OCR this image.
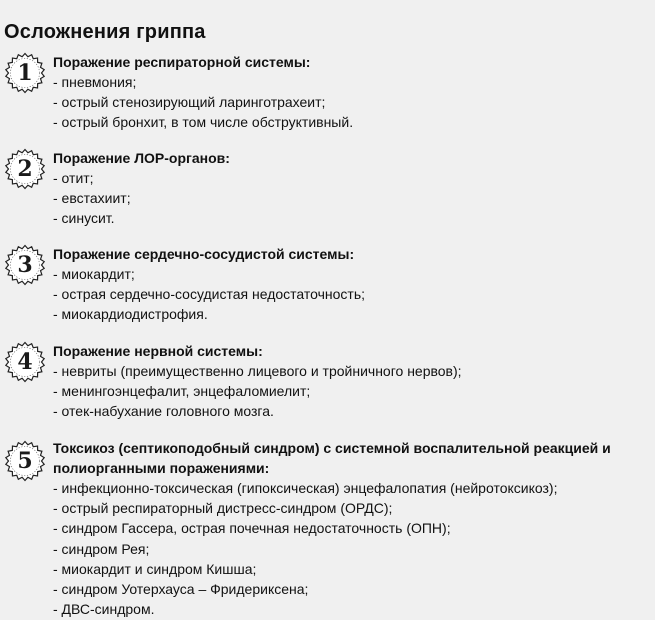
Осложнения гриппа
1	Поражение респираторной системы:

- пневмония;

- острый стенозирующий ларинготрахеит;

- острый бронхит, в том числе обструктивный.

2	Поражение ЛОР-органов:

- отит;

- евстахиит;

- синусит.

3	Поражение сердечно-сосудистой системы:

- миокардит;

- острая сердечно-сосудистая недостаточность;

- миокардиодистрофия.

4	Поражение нервной системы:

- невриты (преимущественно лицевого и тройничного нервов);

- менингоэнцефалит, энцефаломиелит;

- отек-набухание головного мозга.

5	Токсикоз (септикоподобный синдром) с системной воспалительной реакцией и

полиорганными поражениями:

- инфекционно-токсическая (гипоксическая) энцефалопатия (нейротоксикоз);

- острый респираторный дистресс-синдром (ОРДС);

- синдром Гассера, острая почечная недостаточность (ОПН);

- синдром Рея;

- миокардит и синдром Кишша;

- синдром Уотерхауса – Фридериксена;

- ДВС-синдром.
